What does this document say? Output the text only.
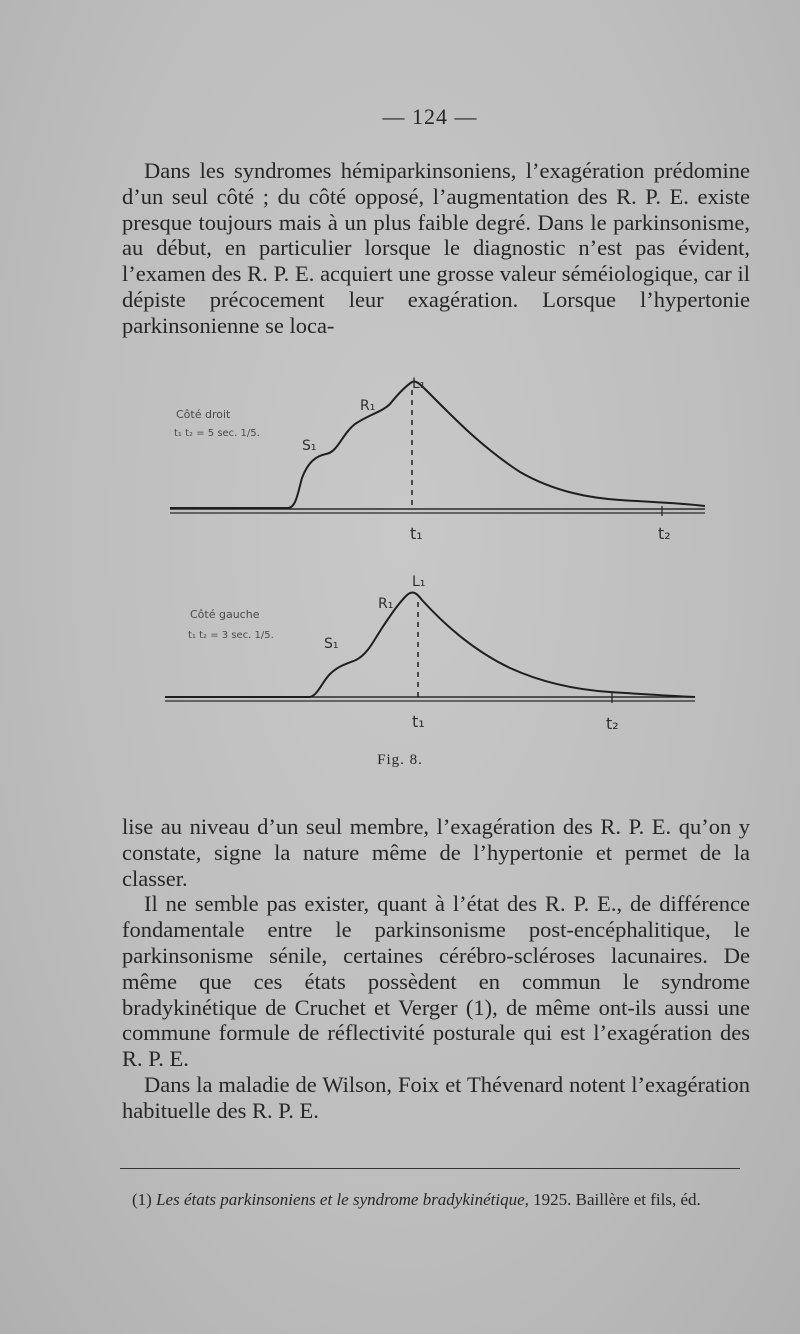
— 124 —

Dans les syndromes hémiparkinsoniens, l’exagération prédomine d’un seul côté ; du côté opposé, l’augmentation des R. P. E. existe presque toujours mais à un plus faible degré. Dans le parkinsonisme, au début, en particulier lorsque le diagnostic n’est pas évident, l’examen des R. P. E. acquiert une grosse valeur séméiologique, car il dépiste précocement leur exagération. Lorsque l’hypertonie parkinsonienne se loca-

Côté droit
t₁ t₂ = 5 sec. 1/5.
L₁
R₁
S₁
t₁	t₂
Côté gauche
t₁ t₂ = 3 sec. 1/5.
L₁
R₁
S₁
t₁	t₂
Fig. 8.

lise au niveau d’un seul membre, l’exagération des R. P. E. qu’on y constate, signe la nature même de l’hypertonie et permet de la classer.

Il ne semble pas exister, quant à l’état des R. P. E., de différence fondamentale entre le parkinsonisme post-encéphalitique, le parkinsonisme sénile, certaines cérébro-scléroses lacunaires. De même que ces états possèdent en commun le syndrome bradykinétique de Cruchet et Verger (1), de même ont-ils aussi une commune formule de réflectivité posturale qui est l’exagération des R. P. E.

Dans la maladie de Wilson, Foix et Thévenard notent l’exagération habituelle des R. P. E.

(1) Les états parkinsoniens et le syndrome bradykinétique, 1925. Baillère et fils, éd.
